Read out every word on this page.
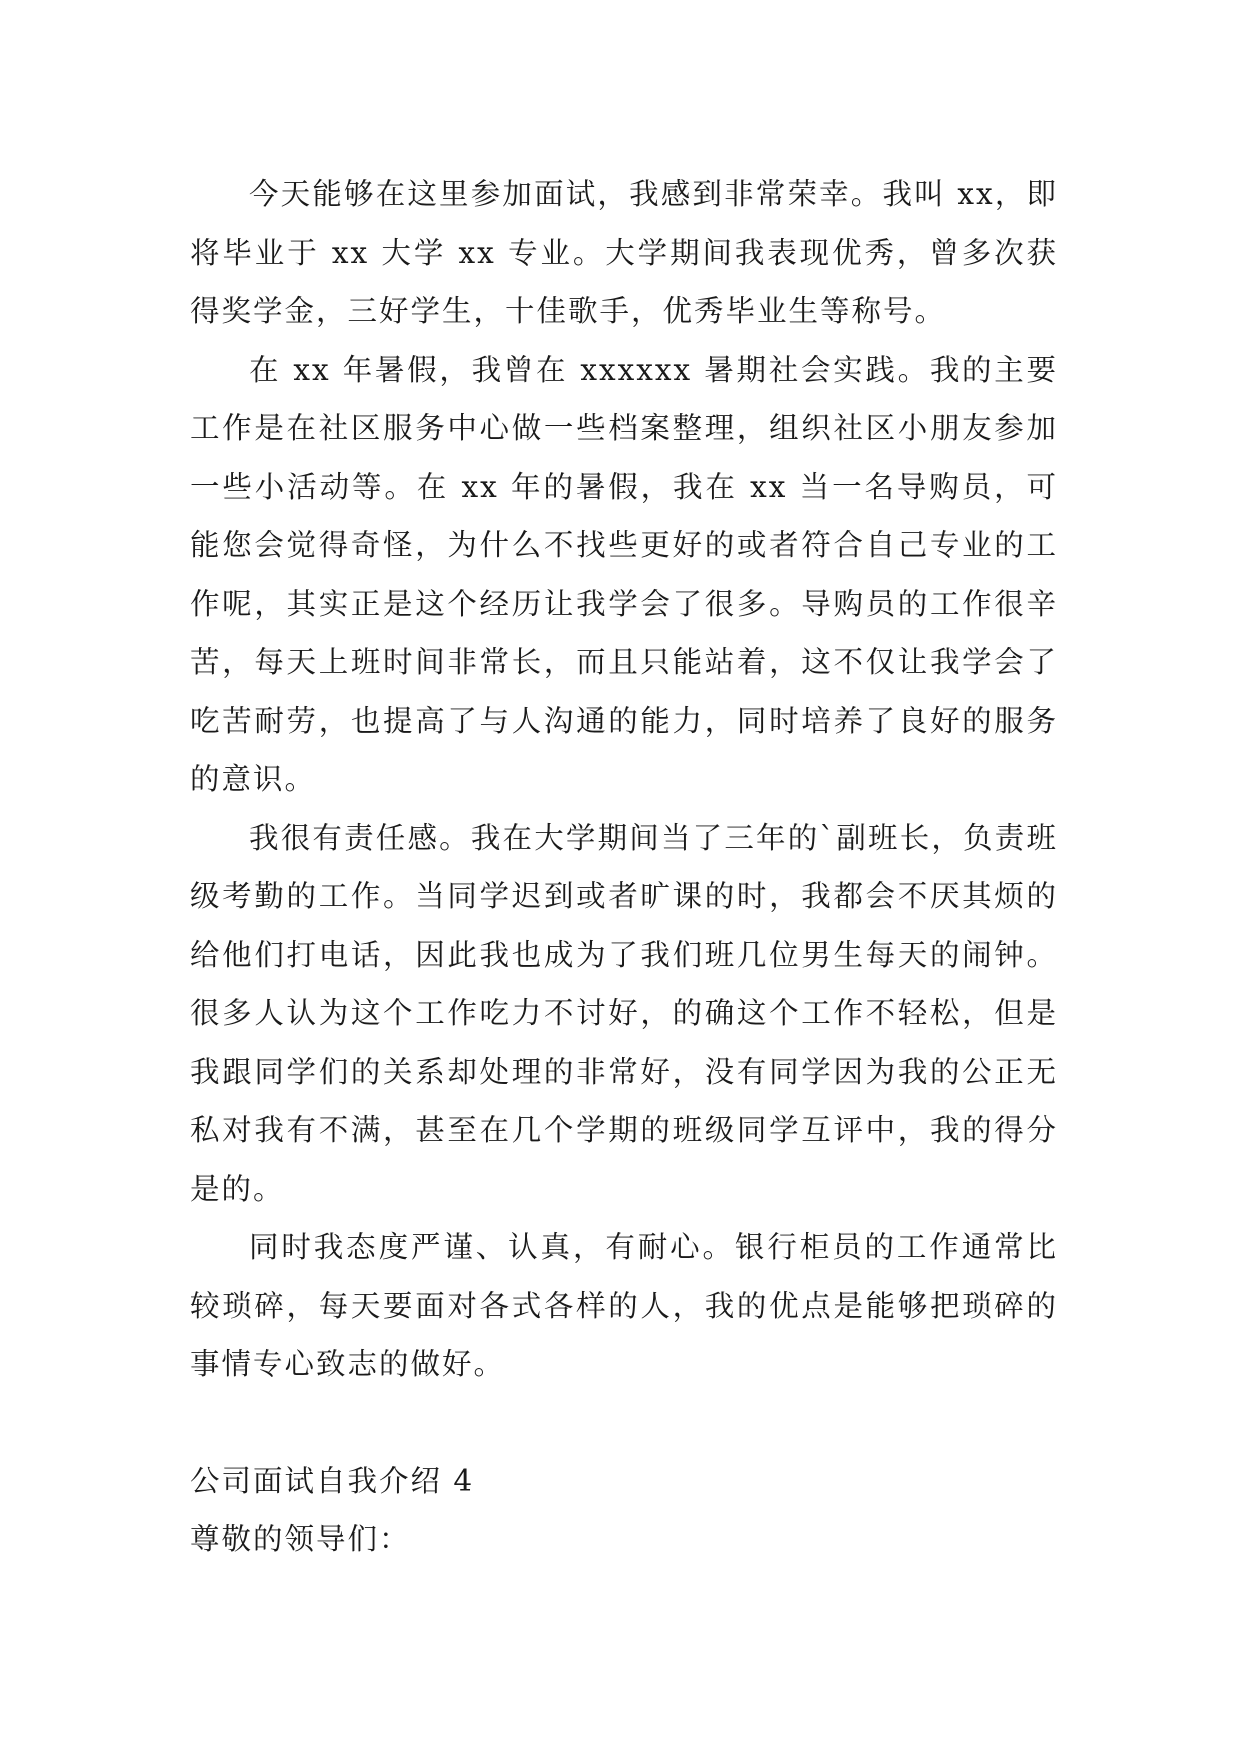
今天能够在这里参加面试，我感到非常荣幸。我叫 xx，即将毕业于 xx 大学 xx 专业。大学期间我表现优秀，曾多次获得奖学金，三好学生，十佳歌手，优秀毕业生等称号。

在 xx 年暑假，我曾在 xxxxxx 暑期社会实践。我的主要工作是在社区服务中心做一些档案整理，组织社区小朋友参加一些小活动等。在 xx 年的暑假，我在 xx 当一名导购员，可能您会觉得奇怪，为什么不找些更好的或者符合自己专业的工作呢，其实正是这个经历让我学会了很多。导购员的工作很辛苦，每天上班时间非常长，而且只能站着，这不仅让我学会了吃苦耐劳，也提高了与人沟通的能力，同时培养了良好的服务的意识。

我很有责任感。我在大学期间当了三年的`副班长，负责班级考勤的工作。当同学迟到或者旷课的时，我都会不厌其烦的给他们打电话，因此我也成为了我们班几位男生每天的闹钟。很多人认为这个工作吃力不讨好，的确这个工作不轻松，但是我跟同学们的关系却处理的非常好，没有同学因为我的公正无私对我有不满，甚至在几个学期的班级同学互评中，我的得分是的。

同时我态度严谨、认真，有耐心。银行柜员的工作通常比较琐碎，每天要面对各式各样的人，我的优点是能够把琐碎的事情专心致志的做好。

公司面试自我介绍 4

尊敬的领导们：
